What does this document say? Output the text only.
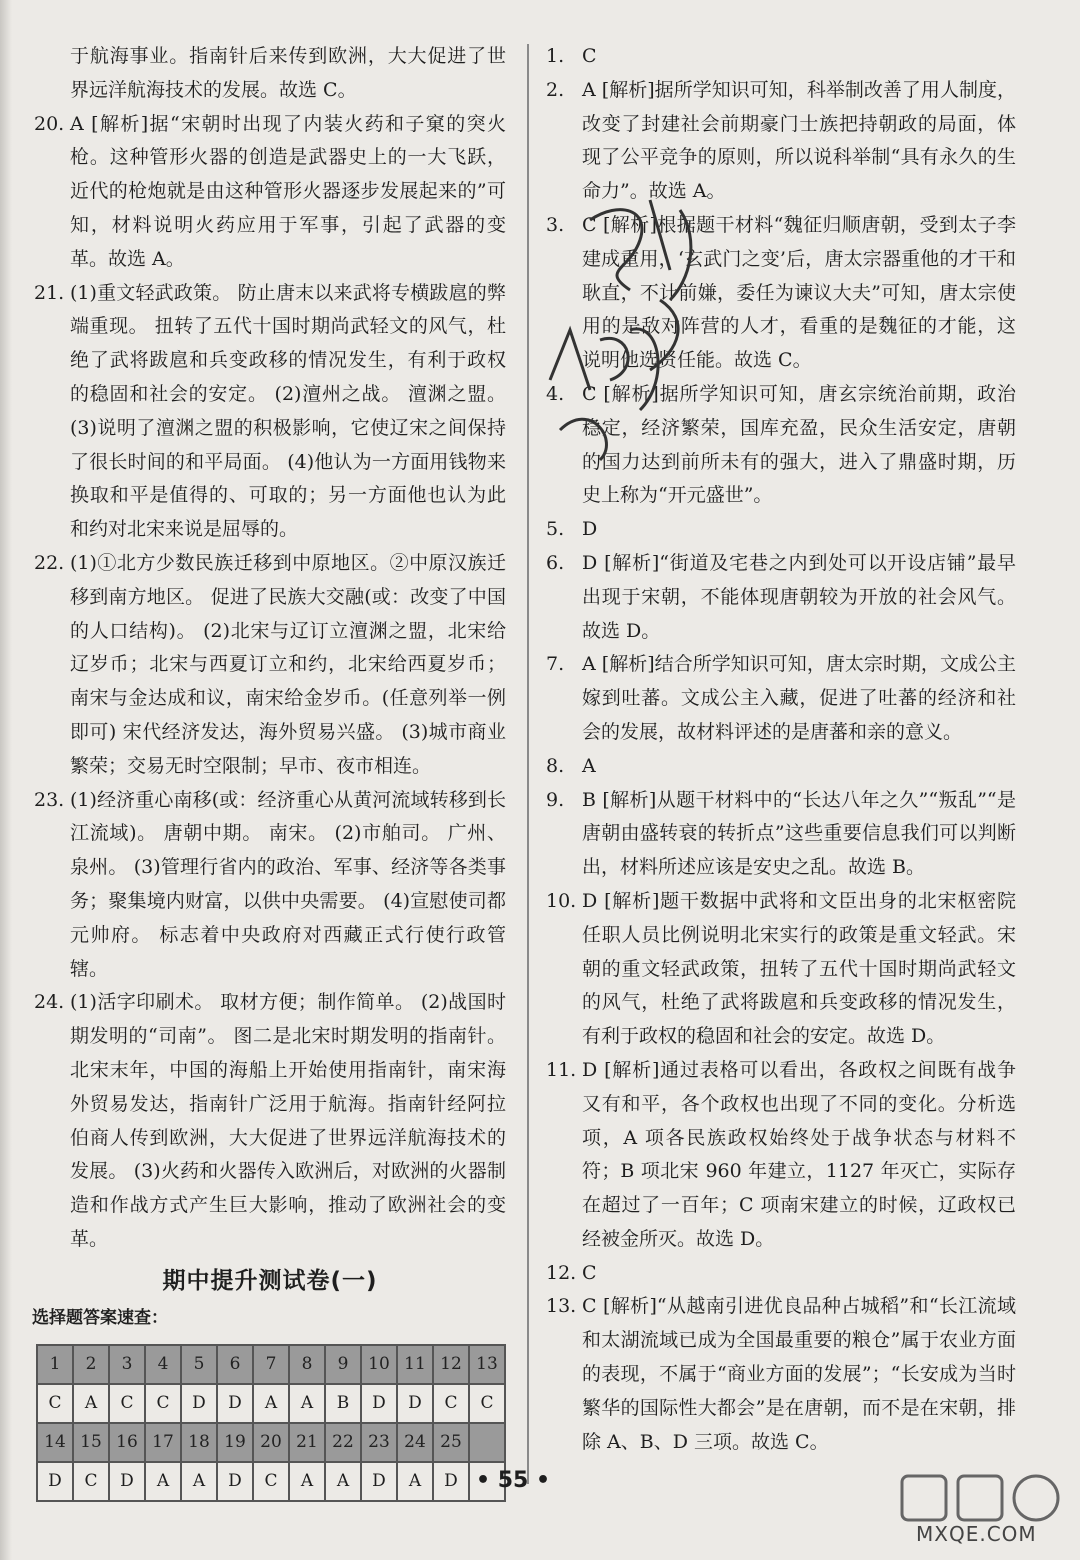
于航海事业。指南针后来传到欧洲，大大促进了世界远洋航海技术的发展。故选 C。

20. A [解析]据“宋朝时出现了内装火药和子窠的突火枪。这种管形火器的创造是武器史上的一大飞跃，近代的枪炮就是由这种管形火器逐步发展起来的”可知，材料说明火药应用于军事，引起了武器的变革。故选 A。

21. (1)重文轻武政策。 防止唐末以来武将专横跋扈的弊端重现。 扭转了五代十国时期尚武轻文的风气，杜绝了武将跋扈和兵变政移的情况发生，有利于政权的稳固和社会的安定。 (2)澶州之战。 澶渊之盟。 (3)说明了澶渊之盟的积极影响，它使辽宋之间保持了很长时间的和平局面。 (4)他认为一方面用钱物来换取和平是值得的、可取的；另一方面他也认为此和约对北宋来说是屈辱的。

22. (1)①北方少数民族迁移到中原地区。②中原汉族迁移到南方地区。 促进了民族大交融(或：改变了中国的人口结构)。 (2)北宋与辽订立澶渊之盟，北宋给辽岁币；北宋与西夏订立和约，北宋给西夏岁币；南宋与金达成和议，南宋给金岁币。(任意列举一例即可) 宋代经济发达，海外贸易兴盛。 (3)城市商业繁荣；交易无时空限制；早市、夜市相连。

23. (1)经济重心南移(或：经济重心从黄河流域转移到长江流域)。 唐朝中期。 南宋。 (2)市舶司。 广州、泉州。 (3)管理行省内的政治、军事、经济等各类事务；聚集境内财富，以供中央需要。 (4)宣慰使司都元帅府。 标志着中央政府对西藏正式行使行政管辖。

24. (1)活字印刷术。 取材方便；制作简单。 (2)战国时期发明的“司南”。 图二是北宋时期发明的指南针。北宋末年，中国的海船上开始使用指南针，南宋海外贸易发达，指南针广泛用于航海。指南针经阿拉伯商人传到欧洲，大大促进了世界远洋航海技术的发展。 (3)火药和火器传入欧洲后，对欧洲的火器制造和作战方式产生巨大影响，推动了欧洲社会的变革。

期中提升测试卷(一)
选择题答案速查：
1	2	3	4	5	6	7	8	9	10	11	12	13
C	A	C	C	D	D	A	A	B	D	D	C	C
14	15	16	17	18	19	20	21	22	23	24	25	
D	C	D	A	A	D	C	A	A	D	A	D	

1. C

2. A [解析]据所学知识可知，科举制改善了用人制度，改变了封建社会前期豪门士族把持朝政的局面，体现了公平竞争的原则，所以说科举制“具有永久的生命力”。故选 A。

3. C [解析]根据题干材料“魏征归顺唐朝，受到太子李建成重用，‘玄武门之变’后，唐太宗器重他的才干和耿直，不计前嫌，委任为谏议大夫”可知，唐太宗使用的是敌对阵营的人才，看重的是魏征的才能，这说明他选贤任能。故选 C。

4. C [解析]据所学知识可知，唐玄宗统治前期，政治稳定，经济繁荣，国库充盈，民众生活安定，唐朝的国力达到前所未有的强大，进入了鼎盛时期，历史上称为“开元盛世”。

5. D

6. D [解析]“街道及宅巷之内到处可以开设店铺”最早出现于宋朝，不能体现唐朝较为开放的社会风气。故选 D。

7. A [解析]结合所学知识可知，唐太宗时期，文成公主嫁到吐蕃。文成公主入藏，促进了吐蕃的经济和社会的发展，故材料评述的是唐蕃和亲的意义。

8. A

9. B [解析]从题干材料中的“长达八年之久”“叛乱”“是唐朝由盛转衰的转折点”这些重要信息我们可以判断出，材料所述应该是安史之乱。故选 B。

10. D [解析]题干数据中武将和文臣出身的北宋枢密院任职人员比例说明北宋实行的政策是重文轻武。宋朝的重文轻武政策，扭转了五代十国时期尚武轻文的风气，杜绝了武将跋扈和兵变政移的情况发生，有利于政权的稳固和社会的安定。故选 D。

11. D [解析]通过表格可以看出，各政权之间既有战争又有和平，各个政权也出现了不同的变化。分析选项，A 项各民族政权始终处于战争状态与材料不符；B 项北宋 960 年建立，1127 年灭亡，实际存在超过了一百年；C 项南宋建立的时候，辽政权已经被金所灭。故选 D。

12. C

13. C [解析]“从越南引进优良品种占城稻”和“长江流域和太湖流域已成为全国最重要的粮仓”属于农业方面的表现，不属于“商业方面的发展”；“长安成为当时繁华的国际性大都会”是在唐朝，而不是在宋朝，排除 A、B、D 三项。故选 C。

• 55 •
MXQE.COM
